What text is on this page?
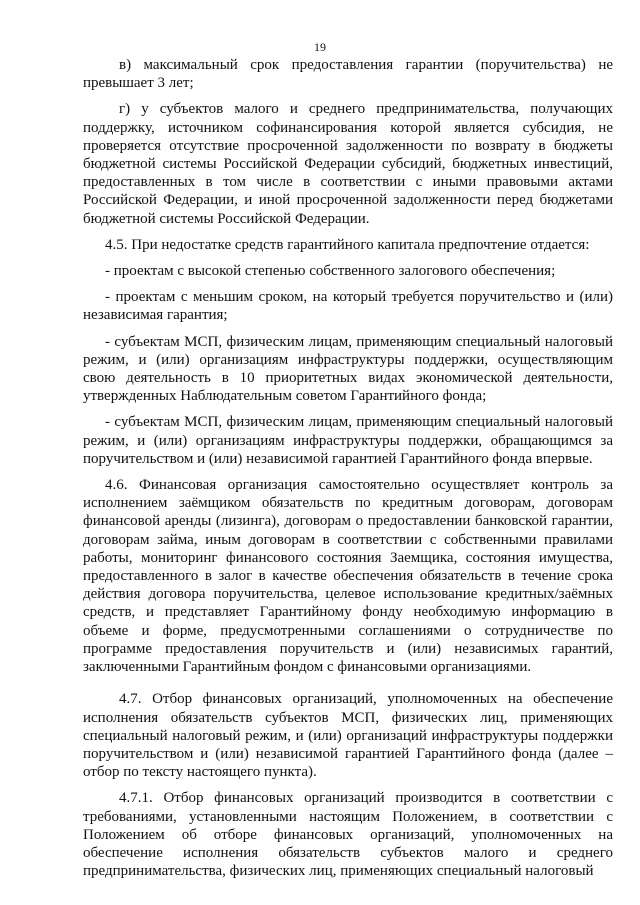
19

в) максимальный срок предоставления гарантии (поручительства) не превышает 3 лет;

г) у субъектов малого и среднего предпринимательства, получающих поддержку, источником софинансирования которой является субсидия, не проверяется отсутствие просроченной задолженности по возврату в бюджеты бюджетной системы Российской Федерации субсидий, бюджетных инвестиций, предоставленных в том числе в соответствии с иными правовыми актами Российской Федерации, и иной просроченной задолженности перед бюджетами бюджетной системы Российской Федерации.

4.5. При недостатке средств гарантийного капитала предпочтение отдается:

- проектам с высокой степенью собственного залогового обеспечения;

- проектам с меньшим сроком, на который требуется поручительство и (или) независимая гарантия;

- субъектам МСП, физическим лицам, применяющим специальный налоговый режим, и (или) организациям инфраструктуры поддержки, осуществляющим свою деятельность в 10 приоритетных видах экономической деятельности, утвержденных Наблюдательным советом Гарантийного фонда;

- субъектам МСП, физическим лицам, применяющим специальный налоговый режим, и (или) организациям инфраструктуры поддержки, обращающимся за поручительством и (или) независимой гарантией Гарантийного фонда впервые.

4.6. Финансовая организация самостоятельно осуществляет контроль за исполнением заёмщиком обязательств по кредитным договорам, договорам финансовой аренды (лизинга), договорам о предоставлении банковской гарантии, договорам займа, иным договорам в соответствии с собственными правилами работы, мониторинг финансового состояния Заемщика, состояния имущества, предоставленного в залог в качестве обеспечения обязательств в течение срока действия договора поручительства, целевое использование кредитных/заёмных средств, и представляет Гарантийному фонду необходимую информацию в объеме и форме, предусмотренными соглашениями о сотрудничестве по программе предоставления поручительств и (или) независимых гарантий, заключенными Гарантийным фондом с финансовыми организациями.

4.7. Отбор финансовых организаций, уполномоченных на обеспечение исполнения обязательств субъектов МСП, физических лиц, применяющих специальный налоговый режим, и (или) организаций инфраструктуры поддержки поручительством и (или) независимой гарантией Гарантийного фонда (далее – отбор по тексту настоящего пункта).

4.7.1. Отбор финансовых организаций производится в соответствии с требованиями, установленными настоящим Положением, в соответствии с Положением об отборе финансовых организаций, уполномоченных на обеспечение исполнения обязательств субъектов малого и среднего предпринимательства, физических лиц, применяющих специальный налоговый
